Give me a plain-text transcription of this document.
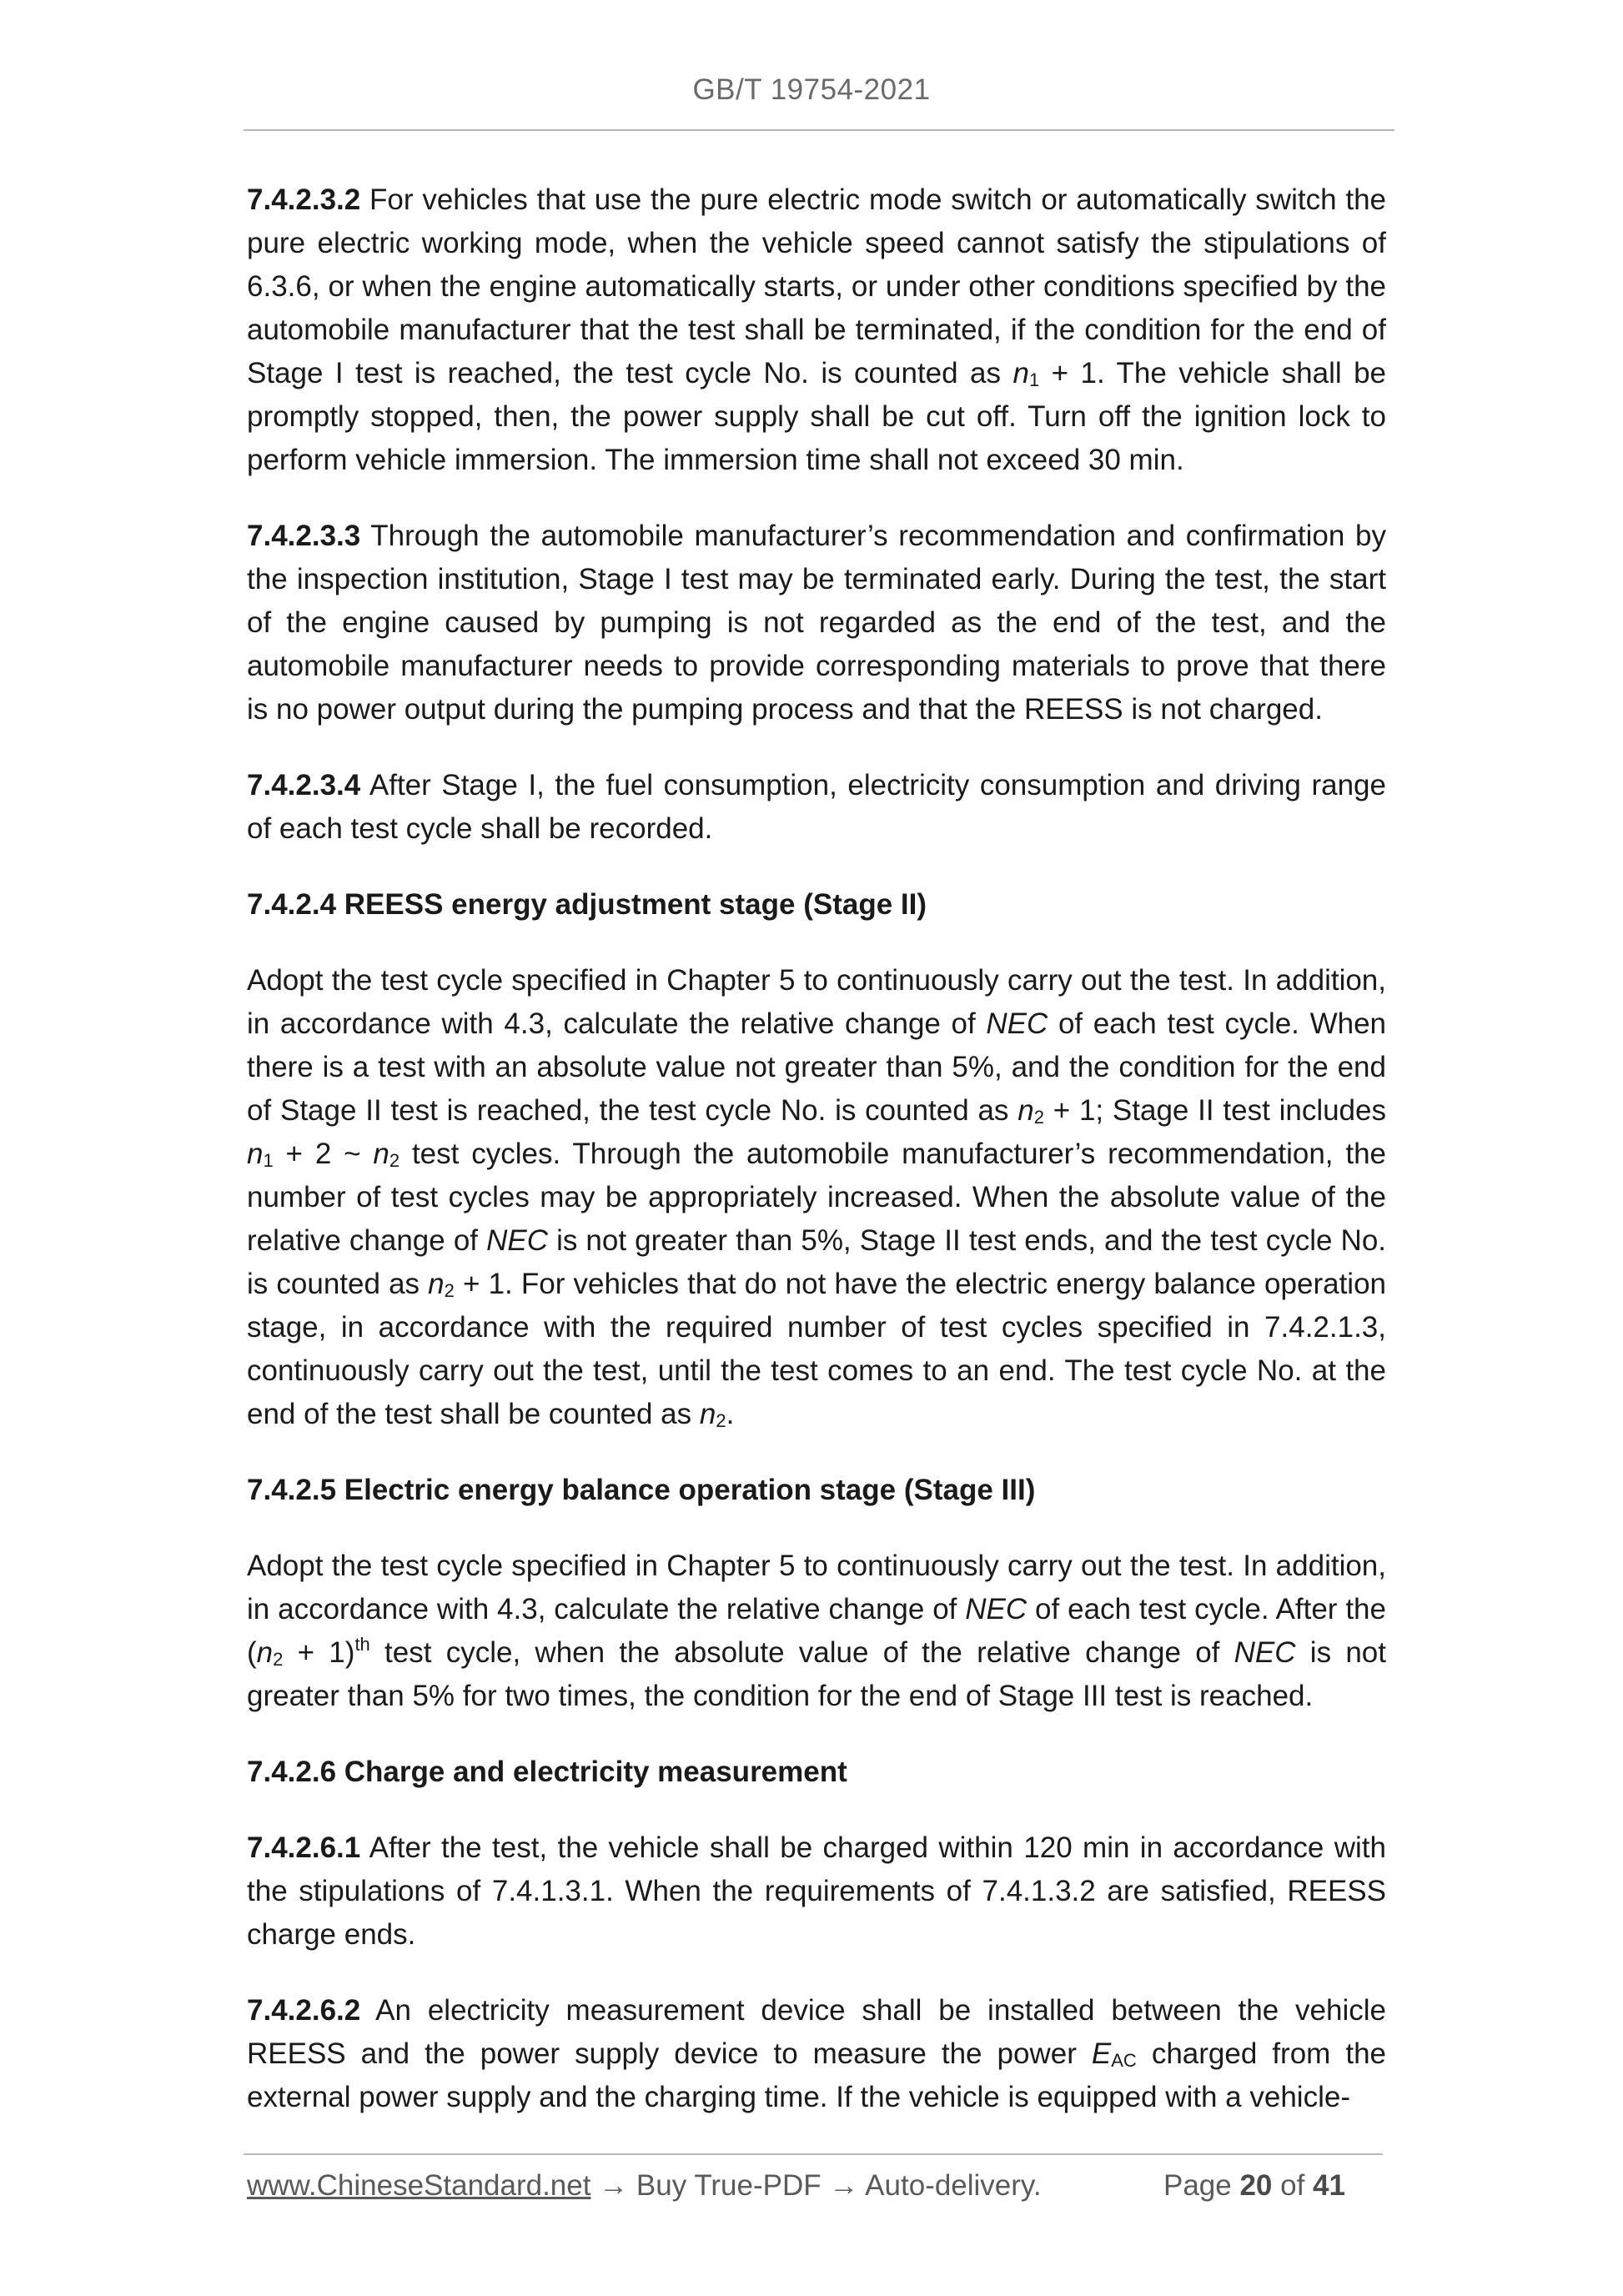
GB/T 19754-2021

7.4.2.3.2 For vehicles that use the pure electric mode switch or automatically switch the pure electric working mode, when the vehicle speed cannot satisfy the stipulations of 6.3.6, or when the engine automatically starts, or under other conditions specified by the automobile manufacturer that the test shall be terminated, if the condition for the end of Stage I test is reached, the test cycle No. is counted as $n_1 + 1$. The vehicle shall be promptly stopped, then, the power supply shall be cut off. Turn off the ignition lock to perform vehicle immersion. The immersion time shall not exceed 30 min.

7.4.2.3.3 Through the automobile manufacturer’s recommendation and confirmation by the inspection institution, Stage I test may be terminated early. During the test, the start of the engine caused by pumping is not regarded as the end of the test, and the automobile manufacturer needs to provide corresponding materials to prove that there is no power output during the pumping process and that the REESS is not charged.

7.4.2.3.4 After Stage I, the fuel consumption, electricity consumption and driving range of each test cycle shall be recorded.

7.4.2.4 REESS energy adjustment stage (Stage II)

Adopt the test cycle specified in Chapter 5 to continuously carry out the test. In addition, in accordance with 4.3, calculate the relative change of NEC of each test cycle. When there is a test with an absolute value not greater than 5%, and the condition for the end of Stage II test is reached, the test cycle No. is counted as $n_2 + 1$; Stage II test includes $n_1 + 2$ ~ $n_2$ test cycles. Through the automobile manufacturer’s recommendation, the number of test cycles may be appropriately increased. When the absolute value of the relative change of NEC is not greater than 5%, Stage II test ends, and the test cycle No. is counted as $n_2 + 1$. For vehicles that do not have the electric energy balance operation stage, in accordance with the required number of test cycles specified in 7.4.2.1.3, continuously carry out the test, until the test comes to an end. The test cycle No. at the end of the test shall be counted as $n_2$.

7.4.2.5 Electric energy balance operation stage (Stage III)

Adopt the test cycle specified in Chapter 5 to continuously carry out the test. In addition, in accordance with 4.3, calculate the relative change of NEC of each test cycle. After the $(n_2 + 1)^{th}$ test cycle, when the absolute value of the relative change of NEC is not greater than 5% for two times, the condition for the end of Stage III test is reached.

7.4.2.6 Charge and electricity measurement

7.4.2.6.1 After the test, the vehicle shall be charged within 120 min in accordance with the stipulations of 7.4.1.3.1. When the requirements of 7.4.1.3.2 are satisfied, REESS charge ends.

7.4.2.6.2 An electricity measurement device shall be installed between the vehicle REESS and the power supply device to measure the power $E_{AC}$ charged from the external power supply and the charging time. If the vehicle is equipped with a vehicle-

www.ChineseStandard.net → Buy True-PDF → Auto-delivery.	Page 20 of 41
